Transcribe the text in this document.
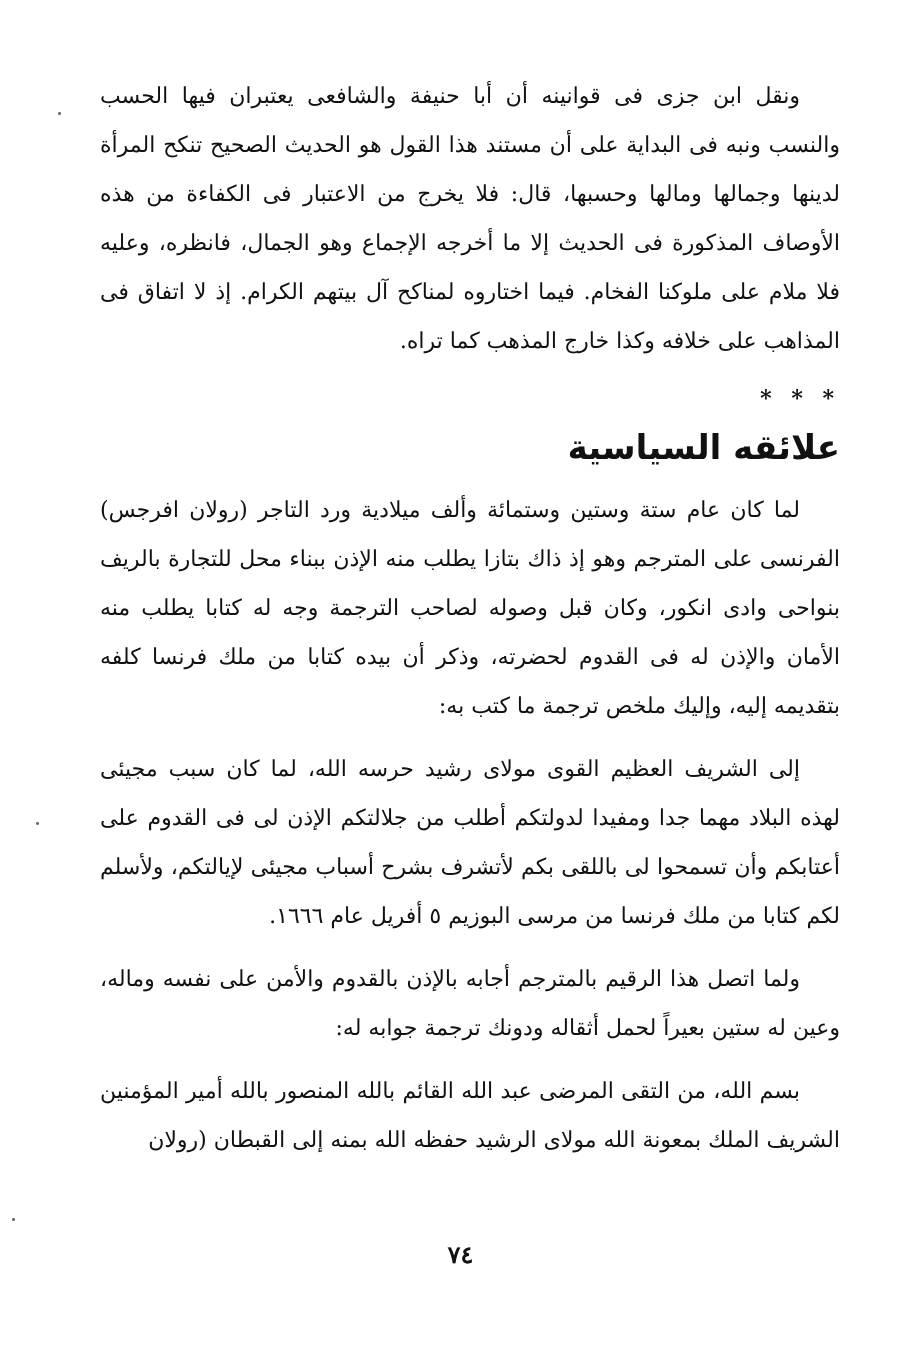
ونقل ابن جزى فى قوانينه أن أبا حنيفة والشافعى يعتبران فيها الحسب والنسب ونبه فى البداية على أن مستند هذا القول هو الحديث الصحيح تنكح المرأة لدينها وجمالها ومالها وحسبها، قال: فلا يخرج من الاعتبار فى الكفاءة من هذه الأوصاف المذكورة فى الحديث إلا ما أخرجه الإجماع وهو الجمال، فانظره، وعليه فلا ملام على ملوكنا الفخام. فيما اختاروه لمناكح آل بيتهم الكرام. إذ لا اتفاق فى المذاهب على خلافه وكذا خارج المذهب كما تراه.

* * *
علائقه السياسية

لما كان عام ستة وستين وستمائة وألف ميلادية ورد التاجر (رولان افرجس) الفرنسى على المترجم وهو إذ ذاك بتازا يطلب منه الإذن ببناء محل للتجارة بالريف بنواحى وادى انكور، وكان قبل وصوله لصاحب الترجمة وجه له كتابا يطلب منه الأمان والإذن له فى القدوم لحضرته، وذكر أن بيده كتابا من ملك فرنسا كلفه بتقديمه إليه، وإليك ملخص ترجمة ما كتب به:

إلى الشريف العظيم القوى مولاى رشيد حرسه الله، لما كان سبب مجيئى لهذه البلاد مهما جدا ومفيدا لدولتكم أطلب من جلالتكم الإذن لى فى القدوم على أعتابكم وأن تسمحوا لى باللقى بكم لأتشرف بشرح أسباب مجيئى لإيالتكم، ولأسلم لكم كتابا من ملك فرنسا من مرسى البوزيم ٥ أفريل عام ١٦٦٦.

ولما اتصل هذا الرقيم بالمترجم أجابه بالإذن بالقدوم والأمن على نفسه وماله، وعين له ستين بعيراً لحمل أثقاله ودونك ترجمة جوابه له:

بسم الله، من التقى المرضى عبد الله القائم بالله المنصور بالله أمير المؤمنين الشريف الملك بمعونة الله مولاى الرشيد حفظه الله بمنه إلى القبطان (رولان

٧٤
